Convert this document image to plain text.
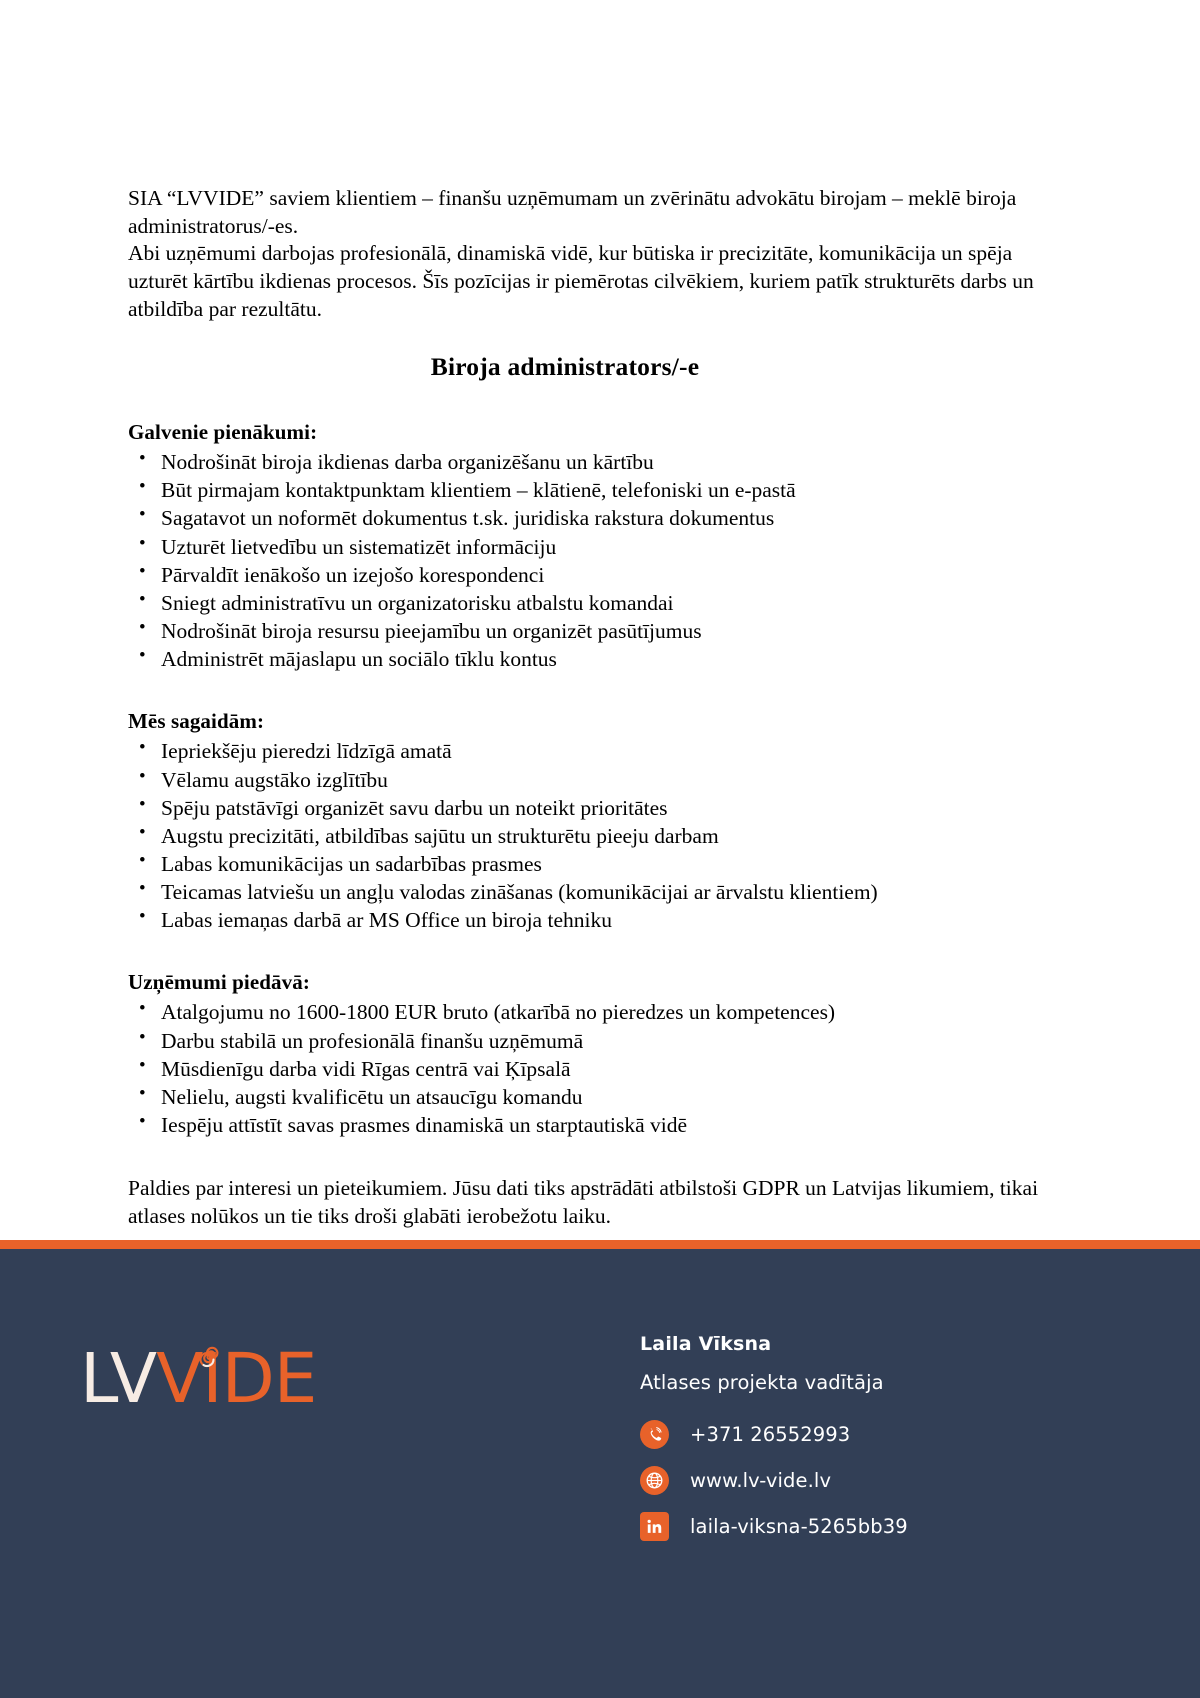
SIA “LVVIDE” saviem klientiem – finanšu uzņēmumam un zvērinātu advokātu birojam – meklē biroja administratorus/-es.

Abi uzņēmumi darbojas profesionālā, dinamiskā vidē, kur būtiska ir precizitāte, komunikācija un spēja uzturēt kārtību ikdienas procesos. Šīs pozīcijas ir piemērotas cilvēkiem, kuriem patīk strukturēts darbs un atbildība par rezultātu.

Biroja administrators/-e
Galvenie pienākumi:
• Nodrošināt biroja ikdienas darba organizēšanu un kārtību
• Būt pirmajam kontaktpunktam klientiem – klātienē, telefoniski un e-pastā
• Sagatavot un noformēt dokumentus t.sk. juridiska rakstura dokumentus
• Uzturēt lietvedību un sistematizēt informāciju
• Pārvaldīt ienākošo un izejošo korespondenci
• Sniegt administratīvu un organizatorisku atbalstu komandai
• Nodrošināt biroja resursu pieejamību un organizēt pasūtījumus
• Administrēt mājaslapu un sociālo tīklu kontus
Mēs sagaidām:
• Iepriekšēju pieredzi līdzīgā amatā
• Vēlamu augstāko izglītību
• Spēju patstāvīgi organizēt savu darbu un noteikt prioritātes
• Augstu precizitāti, atbildības sajūtu un strukturētu pieeju darbam
• Labas komunikācijas un sadarbības prasmes
• Teicamas latviešu un angļu valodas zināšanas (komunikācijai ar ārvalstu klientiem)
• Labas iemaņas darbā ar MS Office un biroja tehniku
Uzņēmumi piedāvā:
• Atalgojumu no 1600-1800 EUR bruto (atkarībā no pieredzes un kompetences)
• Darbu stabilā un profesionālā finanšu uzņēmumā
• Mūsdienīgu darba vidi Rīgas centrā vai Ķīpsalā
• Nelielu, augsti kvalificētu un atsaucīgu komandu
• Iespēju attīstīt savas prasmes dinamiskā un starptautiskā vidē

Paldies par interesi un pieteikumiem. Jūsu dati tiks apstrādāti atbilstoši GDPR un Latvijas likumiem, tikai atlases nolūkos un tie tiks droši glabāti ierobežotu laiku.

LVVIDE	Laila Vīksna
Atlases projekta vadītāja
+371 26552993
www.lv-vide.lv
laila-viksna-5265bb39
